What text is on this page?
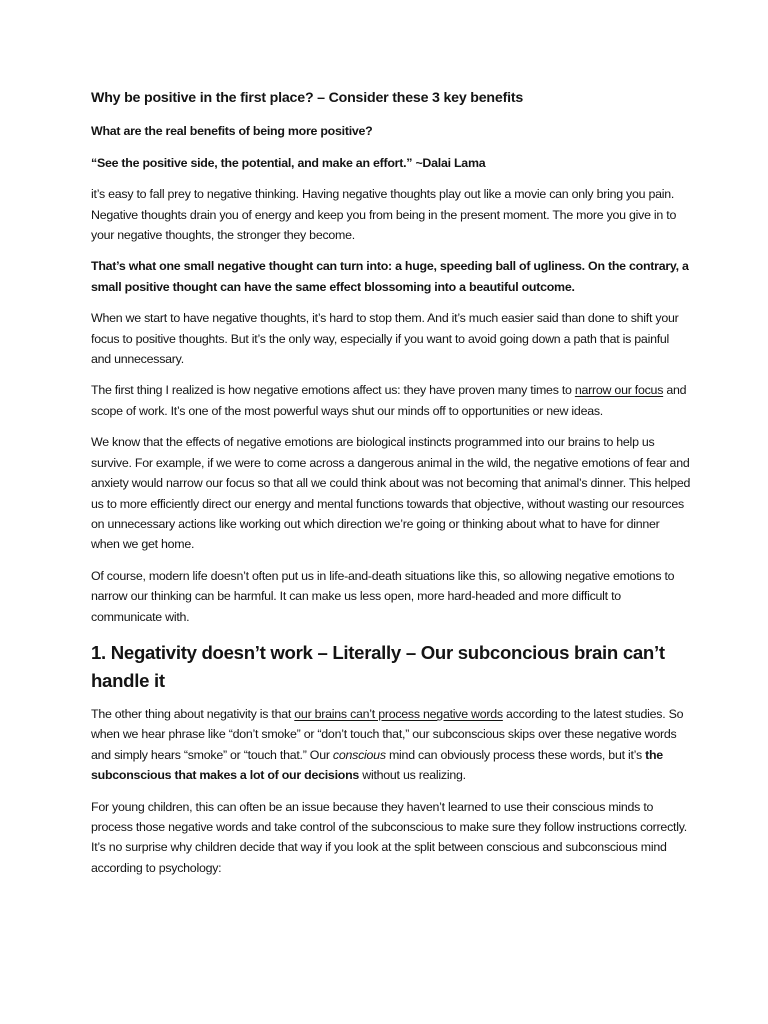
Why be positive in the first place? – Consider these 3 key benefits

What are the real benefits of being more positive?

“See the positive side, the potential, and make an effort.” ~Dalai Lama

it’s easy to fall prey to negative thinking. Having negative thoughts play out like a movie can only bring you pain. Negative thoughts drain you of energy and keep you from being in the present moment. The more you give in to your negative thoughts, the stronger they become.

That’s what one small negative thought can turn into: a huge, speeding ball of ugliness. On the contrary, a small positive thought can have the same effect blossoming into a beautiful outcome.

When we start to have negative thoughts, it’s hard to stop them. And it’s much easier said than done to shift your focus to positive thoughts. But it’s the only way, especially if you want to avoid going down a path that is painful and unnecessary.

The first thing I realized is how negative emotions affect us: they have proven many times to narrow our focus and scope of work. It’s one of the most powerful ways shut our minds off to opportunities or new ideas.

We know that the effects of negative emotions are biological instincts programmed into our brains to help us survive. For example, if we were to come across a dangerous animal in the wild, the negative emotions of fear and anxiety would narrow our focus so that all we could think about was not becoming that animal’s dinner. This helped us to more efficiently direct our energy and mental functions towards that objective, without wasting our resources on unnecessary actions like working out which direction we’re going or thinking about what to have for dinner when we get home.

Of course, modern life doesn’t often put us in life-and-death situations like this, so allowing negative emotions to narrow our thinking can be harmful. It can make us less open, more hard-headed and more difficult to communicate with.

1. Negativity doesn’t work – Literally – Our subconcious brain can’t handle it

The other thing about negativity is that our brains can’t process negative words according to the latest studies. So when we hear phrase like “don’t smoke” or “don’t touch that,” our subconscious skips over these negative words and simply hears “smoke” or “touch that.” Our conscious mind can obviously process these words, but it’s the subconscious that makes a lot of our decisions without us realizing.

For young children, this can often be an issue because they haven’t learned to use their conscious minds to process those negative words and take control of the subconscious to make sure they follow instructions correctly. It’s no surprise why children decide that way if you look at the split between conscious and subconscious mind according to psychology:
